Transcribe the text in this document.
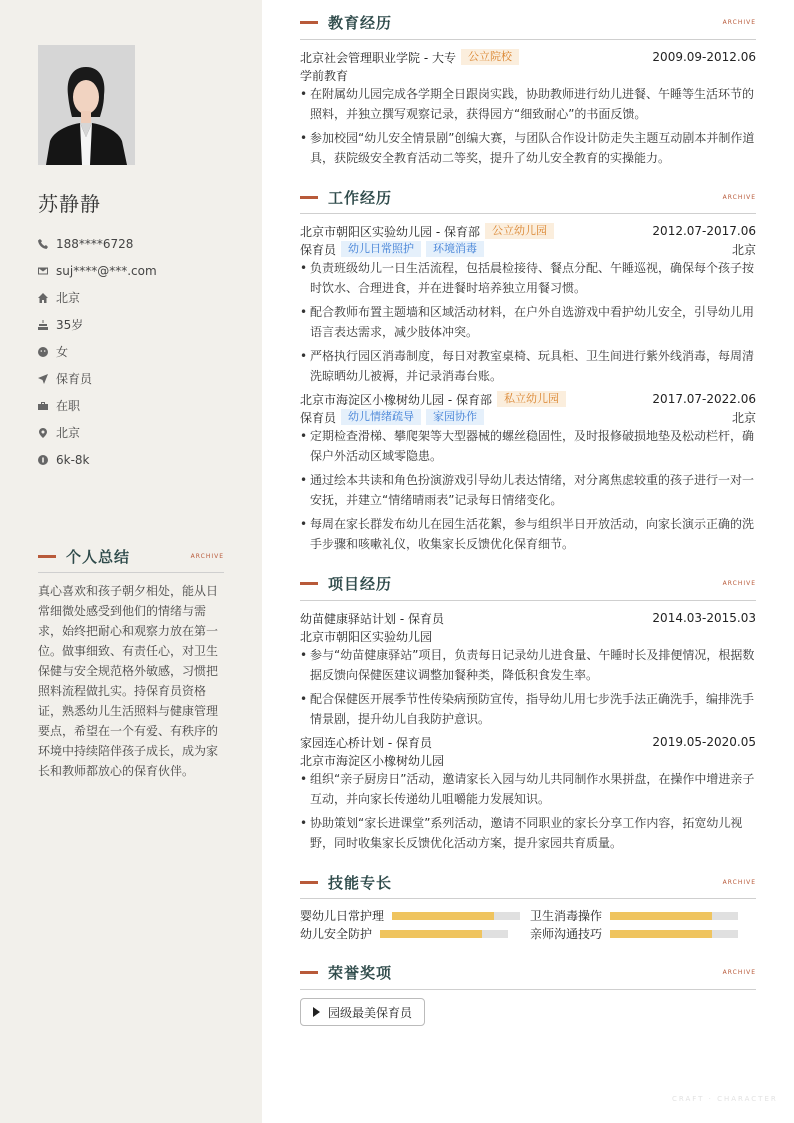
苏静静
188****6728
suj****@***.com
北京
35岁
女
保育员
在职
北京
6k-8k
个人总结	ARCHIVE
真心喜欢和孩子朝夕相处，能从日常细微处感受到他们的情绪与需求，始终把耐心和观察力放在第一位。做事细致、有责任心，对卫生保健与安全规范格外敏感，习惯把照料流程做扎实。持保育员资格证，熟悉幼儿生活照料与健康管理要点，希望在一个有爱、有秩序的环境中持续陪伴孩子成长，成为家长和教师都放心的保育伙伴。
教育经历	ARCHIVE
北京社会管理职业学院 - 大专	公立院校	2009.09-2012.06
学前教育
• 在附属幼儿园完成各学期全日跟岗实践，协助教师进行幼儿进餐、午睡等生活环节的照料，并独立撰写观察记录，获得园方“细致耐心”的书面反馈。
• 参加校园“幼儿安全情景剧”创编大赛，与团队合作设计防走失主题互动剧本并制作道具，获院级安全教育活动二等奖，提升了幼儿安全教育的实操能力。
工作经历	ARCHIVE
北京市朝阳区实验幼儿园 - 保育部	公立幼儿园	2012.07-2017.06
保育员	幼儿日常照护	环境消毒	北京
• 负责班级幼儿一日生活流程，包括晨检接待、餐点分配、午睡巡视，确保每个孩子按时饮水、合理进食，并在进餐时培养独立用餐习惯。
• 配合教师布置主题墙和区域活动材料，在户外自选游戏中看护幼儿安全，引导幼儿用语言表达需求，减少肢体冲突。
• 严格执行园区消毒制度，每日对教室桌椅、玩具柜、卫生间进行紫外线消毒，每周清洗晾晒幼儿被褥，并记录消毒台账。
北京市海淀区小橡树幼儿园 - 保育部	私立幼儿园	2017.07-2022.06
保育员	幼儿情绪疏导	家园协作	北京
• 定期检查滑梯、攀爬架等大型器械的螺丝稳固性，及时报修破损地垫及松动栏杆，确保户外活动区域零隐患。
• 通过绘本共读和角色扮演游戏引导幼儿表达情绪，对分离焦虑较重的孩子进行一对一安抚，并建立“情绪晴雨表”记录每日情绪变化。
• 每周在家长群发布幼儿在园生活花絮，参与组织半日开放活动，向家长演示正确的洗手步骤和咳嗽礼仪，收集家长反馈优化保育细节。
项目经历	ARCHIVE
幼苗健康驿站计划 - 保育员	2014.03-2015.03
北京市朝阳区实验幼儿园
• 参与“幼苗健康驿站”项目，负责每日记录幼儿进食量、午睡时长及排便情况，根据数据反馈向保健医建议调整加餐种类，降低积食发生率。
• 配合保健医开展季节性传染病预防宣传，指导幼儿用七步洗手法正确洗手，编排洗手情景剧，提升幼儿自我防护意识。
家园连心桥计划 - 保育员	2019.05-2020.05
北京市海淀区小橡树幼儿园
• 组织“亲子厨房日”活动，邀请家长入园与幼儿共同制作水果拼盘，在操作中增进亲子互动，并向家长传递幼儿咀嚼能力发展知识。
• 协助策划“家长进课堂”系列活动，邀请不同职业的家长分享工作内容，拓宽幼儿视野，同时收集家长反馈优化活动方案，提升家园共育质量。
技能专长	ARCHIVE
婴幼儿日常护理	卫生消毒操作
幼儿安全防护	亲师沟通技巧
荣誉奖项	ARCHIVE
园级最美保育员
CRAFT · CHARACTER
